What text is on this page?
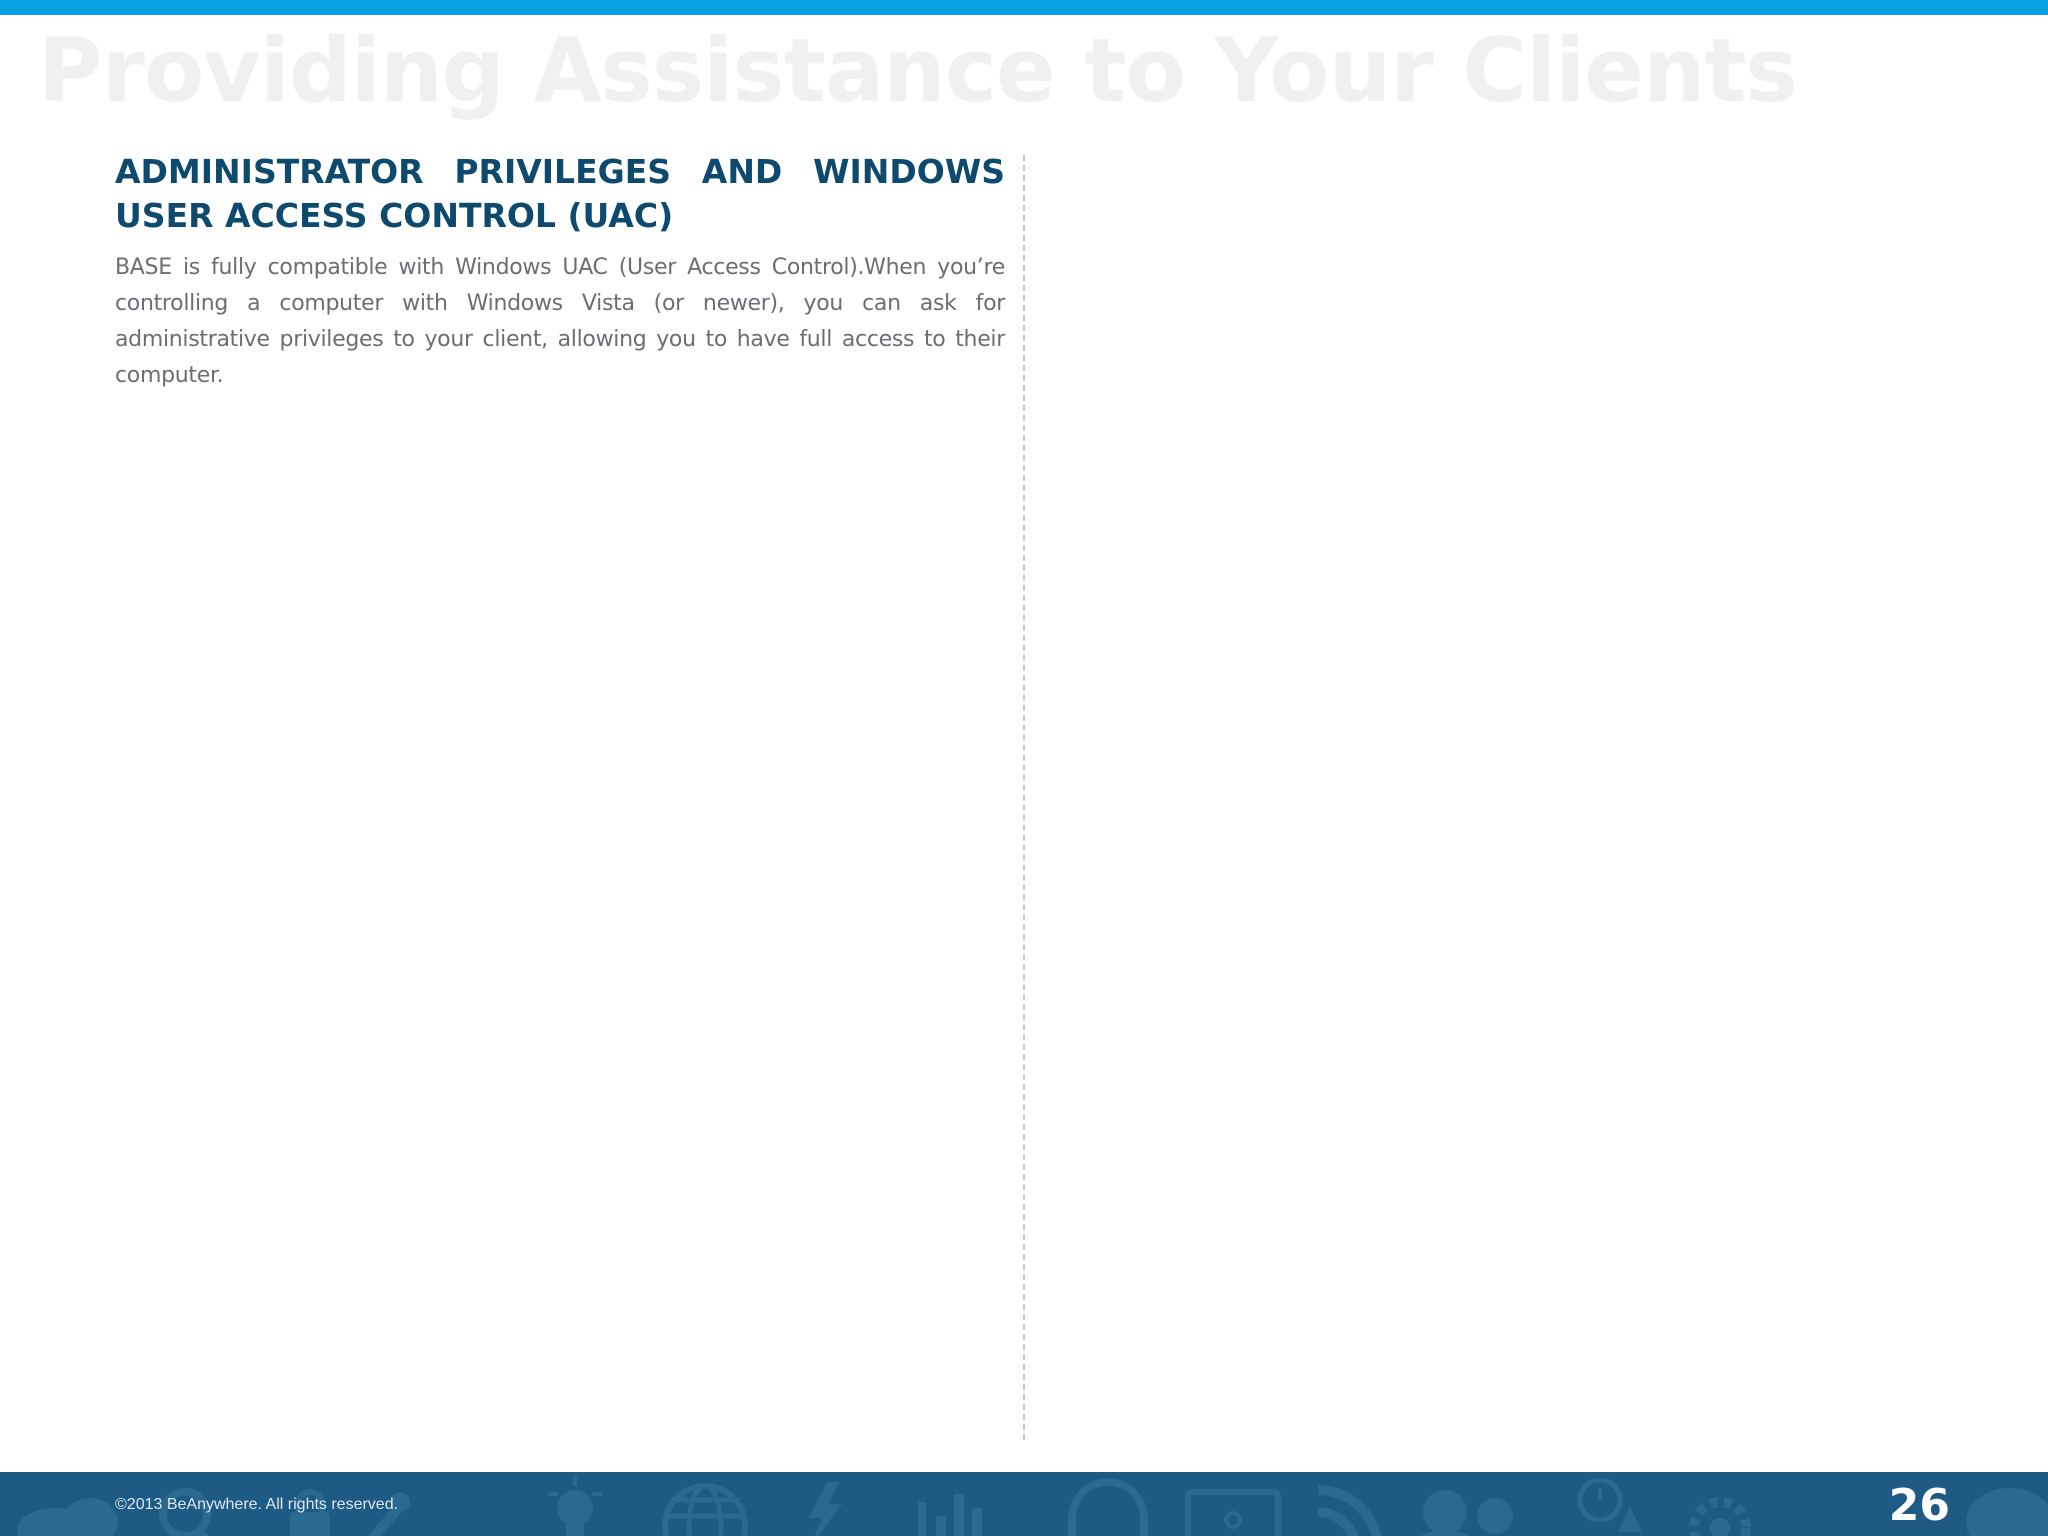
Providing Assistance to Your Clients
ADMINISTRATOR PRIVILEGES AND WINDOWS USER ACCESS CONTROL (UAC)

BASE is fully compatible with Windows UAC (User Access Control).When you’re controlling a computer with Windows Vista (or newer), you can ask for administrative privileges to your client, allowing you to have full access to their computer.

©2013 BeAnywhere. All rights reserved.	26
